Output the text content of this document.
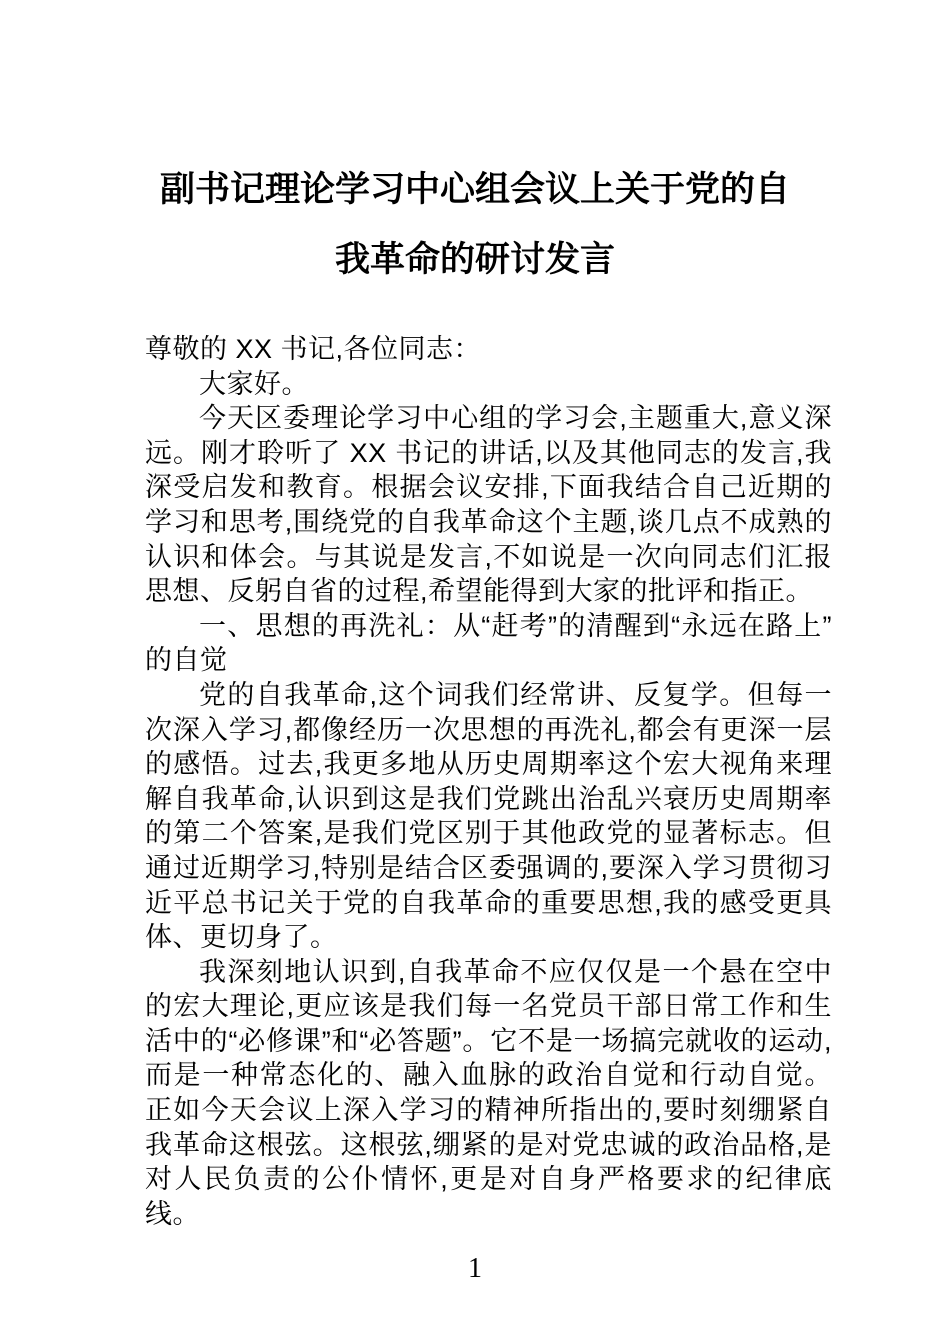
副书记理论学习中心组会议上关于党的自
我革命的研讨发言

尊敬的 XX 书记,各位同志：

大家好。

今天区委理论学习中心组的学习会,主题重大,意义深远。刚才聆听了 XX 书记的讲话,以及其他同志的发言,我深受启发和教育。根据会议安排,下面我结合自己近期的学习和思考,围绕党的自我革命这个主题,谈几点不成熟的认识和体会。与其说是发言,不如说是一次向同志们汇报思想、反躬自省的过程,希望能得到大家的批评和指正。

一、思想的再洗礼：从“赶考”的清醒到“永远在路上”的自觉

党的自我革命,这个词我们经常讲、反复学。但每一次深入学习,都像经历一次思想的再洗礼,都会有更深一层的感悟。过去,我更多地从历史周期率这个宏大视角来理解自我革命,认识到这是我们党跳出治乱兴衰历史周期率的第二个答案,是我们党区别于其他政党的显著标志。但通过近期学习,特别是结合区委强调的,要深入学习贯彻习近平总书记关于党的自我革命的重要思想,我的感受更具体、更切身了。

我深刻地认识到,自我革命不应仅仅是一个悬在空中的宏大理论,更应该是我们每一名党员干部日常工作和生活中的“必修课”和“必答题”。它不是一场搞完就收的运动,而是一种常态化的、融入血脉的政治自觉和行动自觉。正如今天会议上深入学习的精神所指出的,要时刻绷紧自我革命这根弦。这根弦,绷紧的是对党忠诚的政治品格,是对人民负责的公仆情怀,更是对自身严格要求的纪律底线。

1
